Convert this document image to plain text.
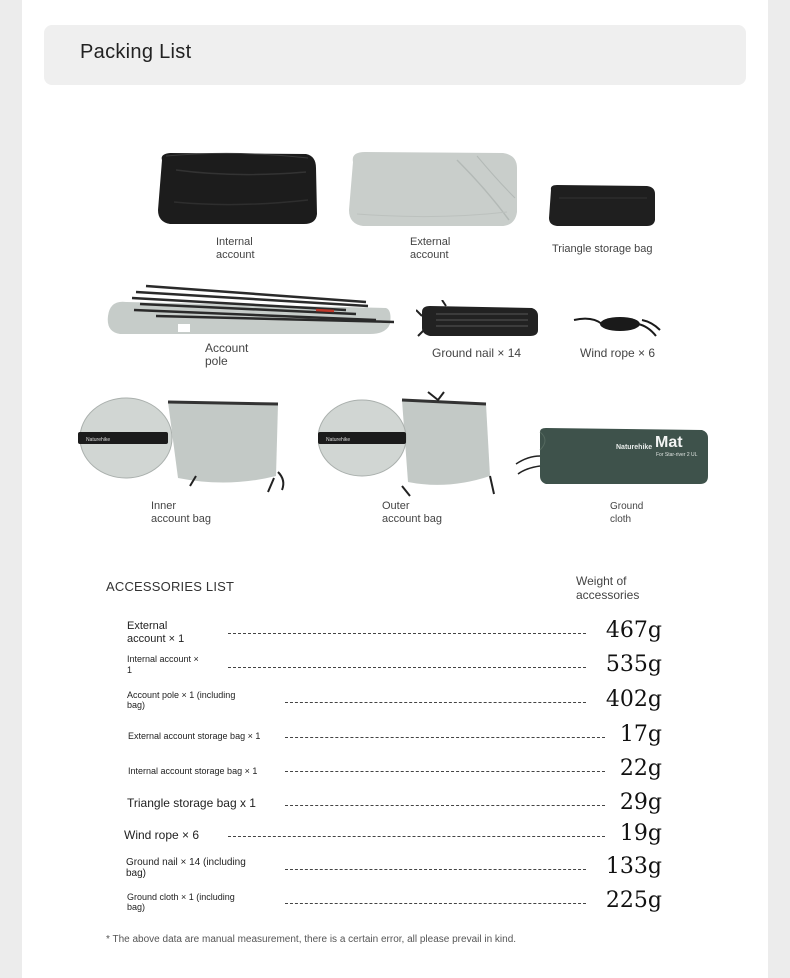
Packing List
Internal
account
External
account	Triangle storage bag
Account
pole
Ground nail × 14	Wind rope × 6
Naturehike
Inner
account bag
Naturehike
Outer
account bag
Naturehike Mat
For Star-river 2 UL
Ground
cloth
ACCESSORIES LIST	Weight of
accessories
External
account × 1	467g
Internal account ×
1	535g
Account pole × 1 (including
bag)	402g
External account storage bag × 1	17g
Internal account storage bag × 1	22g
Triangle storage bag x 1	29g
Wind rope × 6	19g
Ground nail × 14 (including
bag)	133g
Ground cloth × 1 (including
bag)	225g
* The above data are manual measurement, there is a certain error, all please prevail in kind.
